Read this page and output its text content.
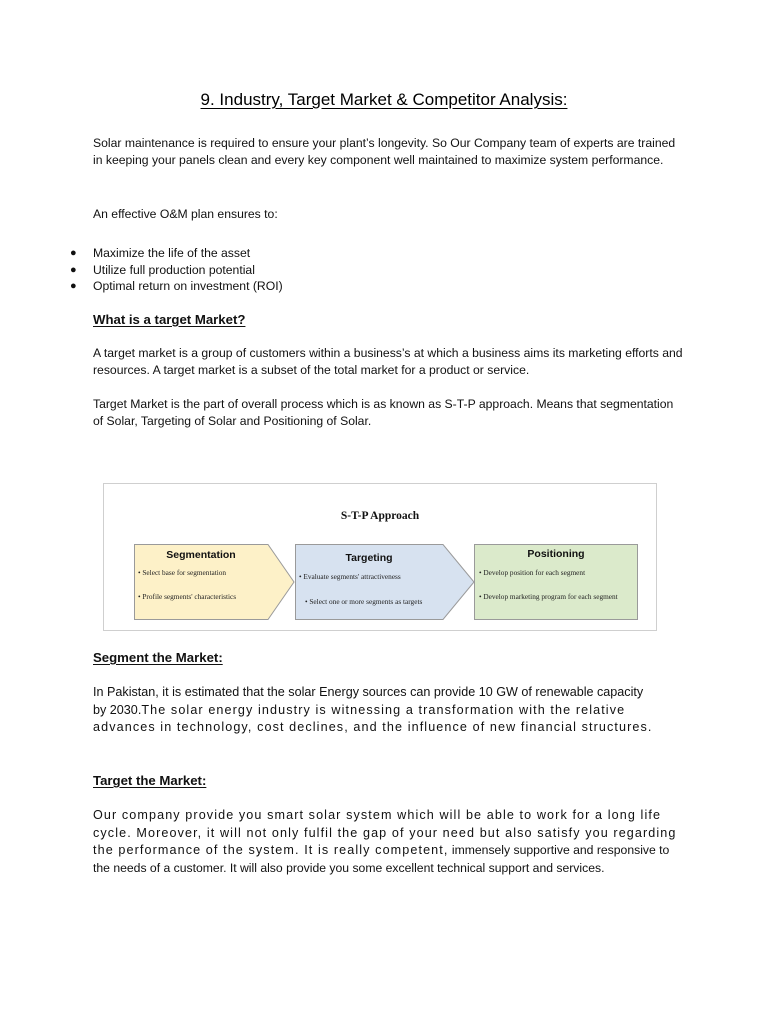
9. Industry, Target Market & Competitor Analysis:

Solar maintenance is required to ensure your plant’s longevity. So Our Company team of experts are trained in keeping your panels clean and every key component well maintained to maximize system performance.

An effective O&M plan ensures to:

● Maximize the life of the asset
● Utilize full production potential
● Optimal return on investment (ROI)
What is a target Market?

A target market is a group of customers within a business’s at which a business aims its marketing efforts and resources. A target market is a subset of the total market for a product or service.

Target Market is the part of overall process which is as known as S-T-P approach. Means that segmentation of Solar, Targeting of Solar and Positioning of Solar.

S-T-P Approach
Segmentation
• Select base for segmentation
• Profile segments' characteristics
Targeting
• Evaluate segments' attractiveness
• Select one or more segments as targets
Positioning
• Develop position for each segment
• Develop marketing program for each segment
Segment the Market:

In Pakistan, it is estimated that the solar Energy sources can provide 10 GW of renewable capacity by 2030.The solar energy industry is witnessing a transformation with the relative advances in technology, cost declines, and the influence of new financial structures.

Target the Market:

Our company provide you smart solar system which will be able to work for a long life cycle. Moreover, it will not only fulfil the gap of your need but also satisfy you regarding the performance of the system. It is really competent, immensely supportive and responsive to the needs of a customer. It will also provide you some excellent technical support and services.
